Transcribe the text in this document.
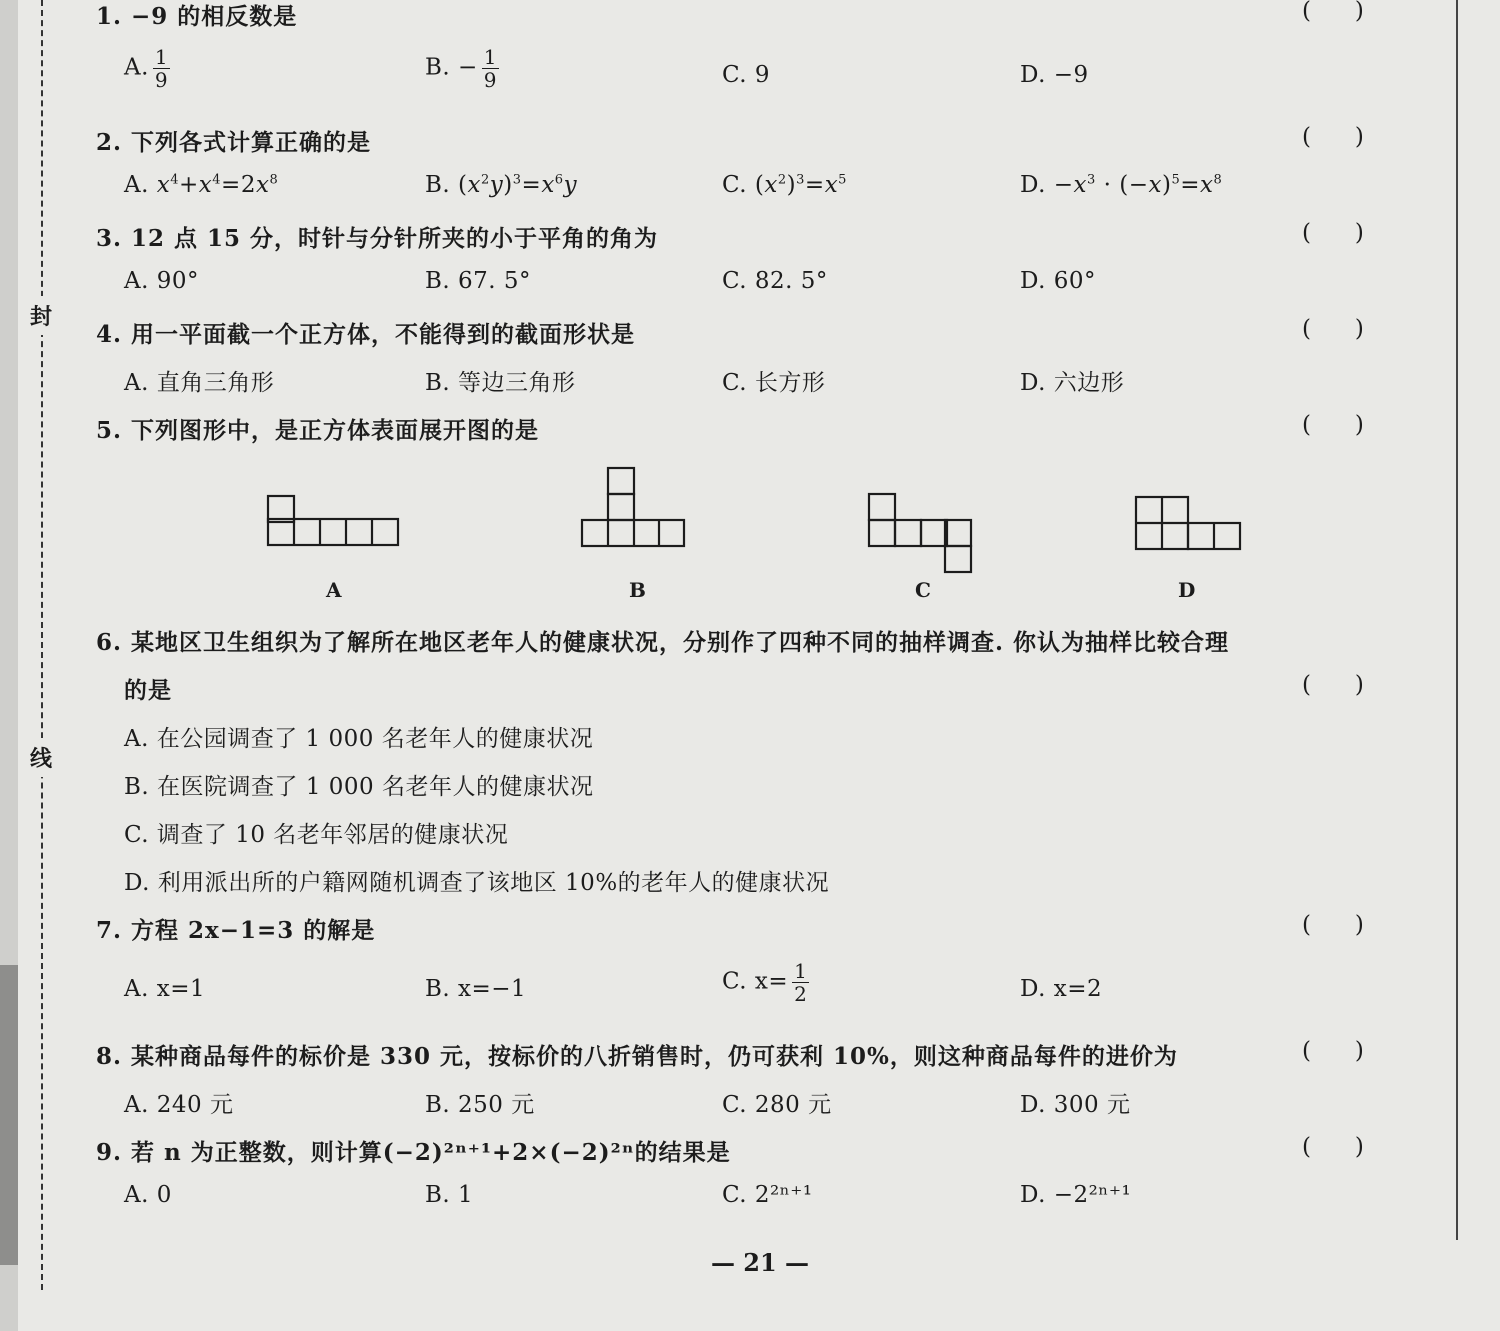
封
线
1. −9 的相反数是	(      )
A. $\frac{1}{9}$	B. − $\frac{1}{9}$	C. 9	D. −9
2. 下列各式计算正确的是	(      )
A. $x^4+x^4=2x^8$	B. $(x^2y)^3=x^6y$	C. $(x^2)^3=x^5$	D. $-x^3 \cdot (-x)^5=x^8$
3. 12 点 15 分，时针与分针所夹的小于平角的角为	(      )
A. 90°	B. 67. 5°	C. 82. 5°	D. 60°
4. 用一平面截一个正方体，不能得到的截面形状是	(      )
A. 直角三角形	B. 等边三角形	C. 长方形	D. 六边形
5. 下列图形中，是正方体表面展开图的是	(      )
A	B	C	D
6. 某地区卫生组织为了解所在地区老年人的健康状况，分别作了四种不同的抽样调查. 你认为抽样比较合理
的是	(      )
A. 在公园调查了 1 000 名老年人的健康状况
B. 在医院调查了 1 000 名老年人的健康状况
C. 调查了 10 名老年邻居的健康状况
D. 利用派出所的户籍网随机调查了该地区 10%的老年人的健康状况
7. 方程 2x−1=3 的解是	(      )
A. x=1	B. x=−1	C. $x= \frac{1}{2}$	D. x=2
8. 某种商品每件的标价是 330 元，按标价的八折销售时，仍可获利 10%，则这种商品每件的进价为	(      )
A. 240 元	B. 250 元	C. 280 元	D. 300 元
9. 若 n 为正整数，则计算(−2)²ⁿ⁺¹+2×(−2)²ⁿ的结果是	(      )
A. 0	B. 1	C. 2²ⁿ⁺¹	D. −2²ⁿ⁺¹
— 21 —
